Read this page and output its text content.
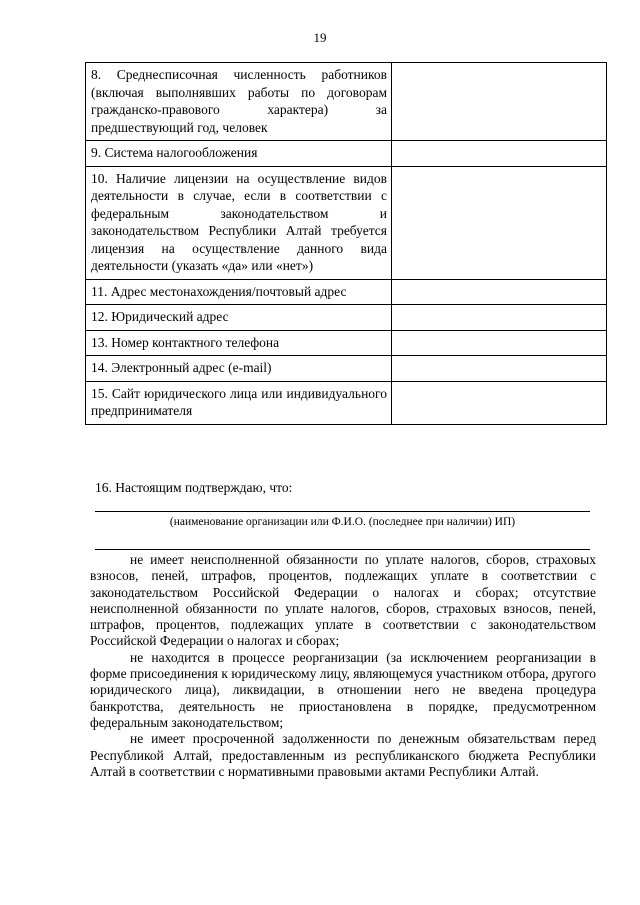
19
8. Среднесписочная численность работников (включая выполнявших работы по договорам гражданско-правового характера) за предшествующий год, человек	
9. Система налогообложения	
10. Наличие лицензии на осуществление видов деятельности в случае, если в соответствии с федеральным законодательством и законодательством Республики Алтай требуется лицензия на осуществление данного вида деятельности (указать «да» или «нет»)	
11. Адрес местонахождения/почтовый адрес	
12. Юридический адрес	
13. Номер контактного телефона	
14. Электронный адрес (e-mail)	
15. Сайт юридического лица или индивидуального предпринимателя	
16. Настоящим подтверждаю, что:
(наименование организации или Ф.И.О. (последнее при наличии) ИП)

не имеет неисполненной обязанности по уплате налогов, сборов, страховых взносов, пеней, штрафов, процентов, подлежащих уплате в соответствии с законодательством Российской Федерации о налогах и сборах; отсутствие неисполненной обязанности по уплате налогов, сборов, страховых взносов, пеней, штрафов, процентов, подлежащих уплате в соответствии с законодательством Российской Федерации о налогах и сборах;

не находится в процессе реорганизации (за исключением реорганизации в форме присоединения к юридическому лицу, являющемуся участником отбора, другого юридического лица), ликвидации, в отношении него не введена процедура банкротства, деятельность не приостановлена в порядке, предусмотренном федеральным законодательством;

не имеет просроченной задолженности по денежным обязательствам перед Республикой Алтай, предоставленным из республиканского бюджета Республики Алтай в соответствии с нормативными правовыми актами Республики Алтай.
